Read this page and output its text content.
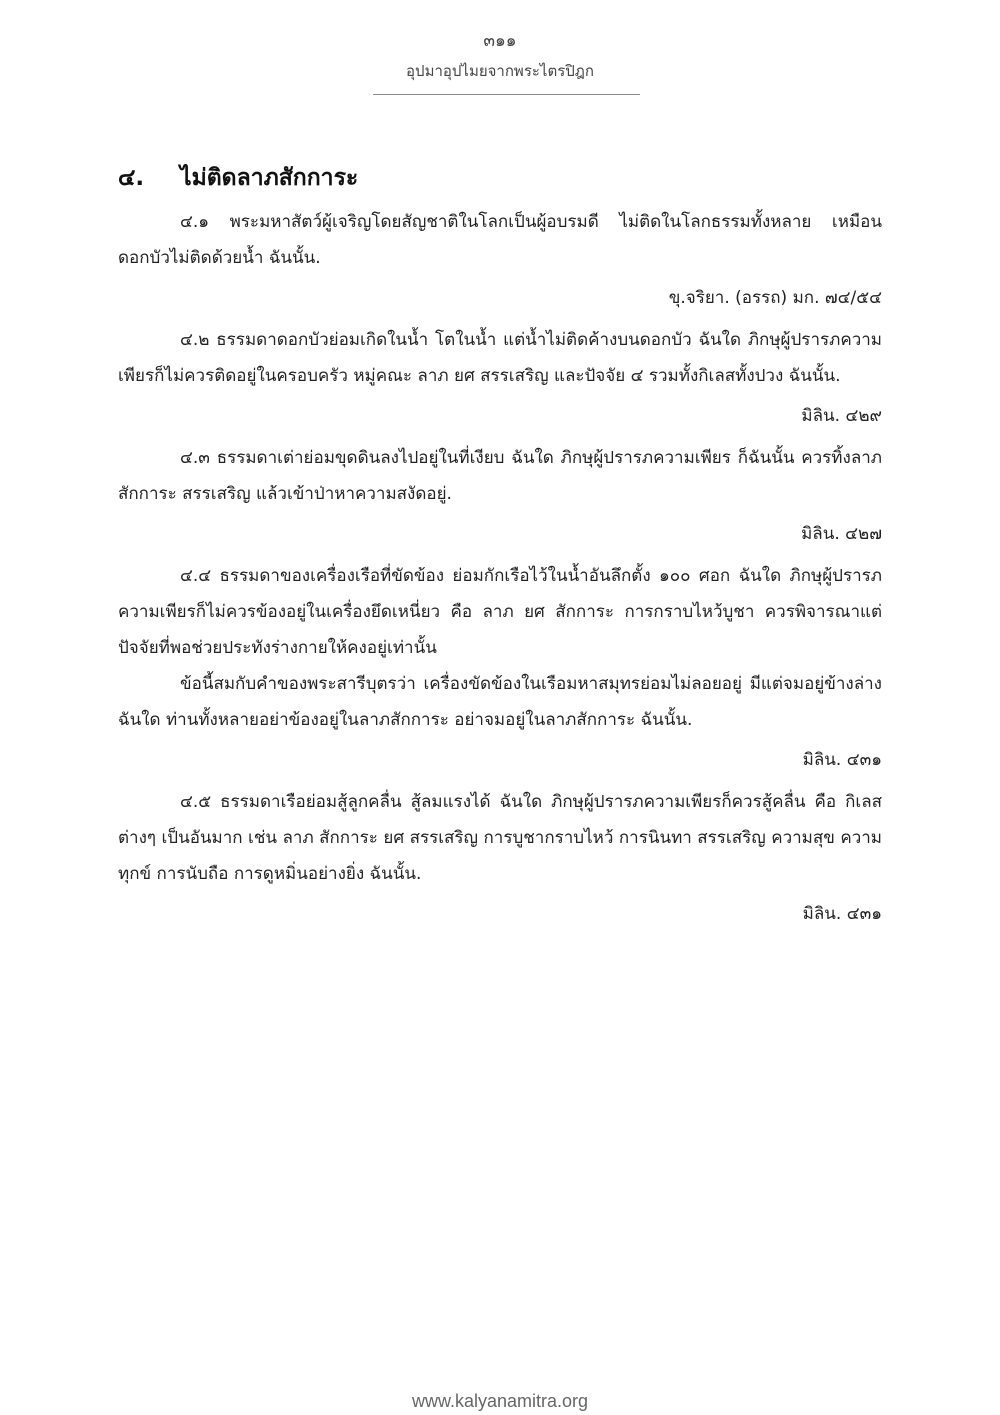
๓๑๑
อุปมาอุปไมยจากพระไตรปิฎก
๔. ไม่ติดลาภสักการะ

๔.๑ พระมหาสัตว์ผู้เจริญโดยสัญชาติในโลกเป็นผู้อบรมดี ไม่ติดในโลกธรรมทั้งหลาย เหมือนดอกบัวไม่ติดด้วยน้ำ ฉันนั้น.

ขุ.จริยา. (อรรถ) มก. ๗๔/๕๔

๔.๒ ธรรมดาดอกบัวย่อมเกิดในน้ำ โตในน้ำ แต่น้ำไม่ติดค้างบนดอกบัว ฉันใด ภิกษุผู้ปรารภความเพียรก็ไม่ควรติดอยู่ในครอบครัว หมู่คณะ ลาภ ยศ สรรเสริญ และปัจจัย ๔ รวมทั้งกิเลสทั้งปวง ฉันนั้น.

มิลิน. ๔๒๙

๔.๓ ธรรมดาเต่าย่อมขุดดินลงไปอยู่ในที่เงียบ ฉันใด ภิกษุผู้ปรารภความเพียร ก็ฉันนั้น ควรทิ้งลาภสักการะ สรรเสริญ แล้วเข้าป่าหาความสงัดอยู่.

มิลิน. ๔๒๗

๔.๔ ธรรมดาของเครื่องเรือที่ขัดข้อง ย่อมกักเรือไว้ในน้ำอันลึกตั้ง ๑๐๐ ศอก ฉันใด ภิกษุผู้ปรารภความเพียรก็ไม่ควรข้องอยู่ในเครื่องยึดเหนี่ยว คือ ลาภ ยศ สักการะ การกราบไหว้บูชา ควรพิจารณาแต่ปัจจัยที่พอช่วยประทังร่างกายให้คงอยู่เท่านั้น

ข้อนี้สมกับคำของพระสารีบุตรว่า เครื่องขัดข้องในเรือมหาสมุทรย่อมไม่ลอยอยู่ มีแต่จมอยู่ข้างล่าง ฉันใด ท่านทั้งหลายอย่าข้องอยู่ในลาภสักการะ อย่าจมอยู่ในลาภสักการะ ฉันนั้น.

มิลิน. ๔๓๑

๔.๕ ธรรมดาเรือย่อมสู้ลูกคลื่น สู้ลมแรงได้ ฉันใด ภิกษุผู้ปรารภความเพียรก็ควรสู้คลื่น คือ กิเลสต่างๆ เป็นอันมาก เช่น ลาภ สักการะ ยศ สรรเสริญ การบูชากราบไหว้ การนินทา สรรเสริญ ความสุข ความทุกข์ การนับถือ การดูหมิ่นอย่างยิ่ง ฉันนั้น.

มิลิน. ๔๓๑
www.kalyanamitra.org
